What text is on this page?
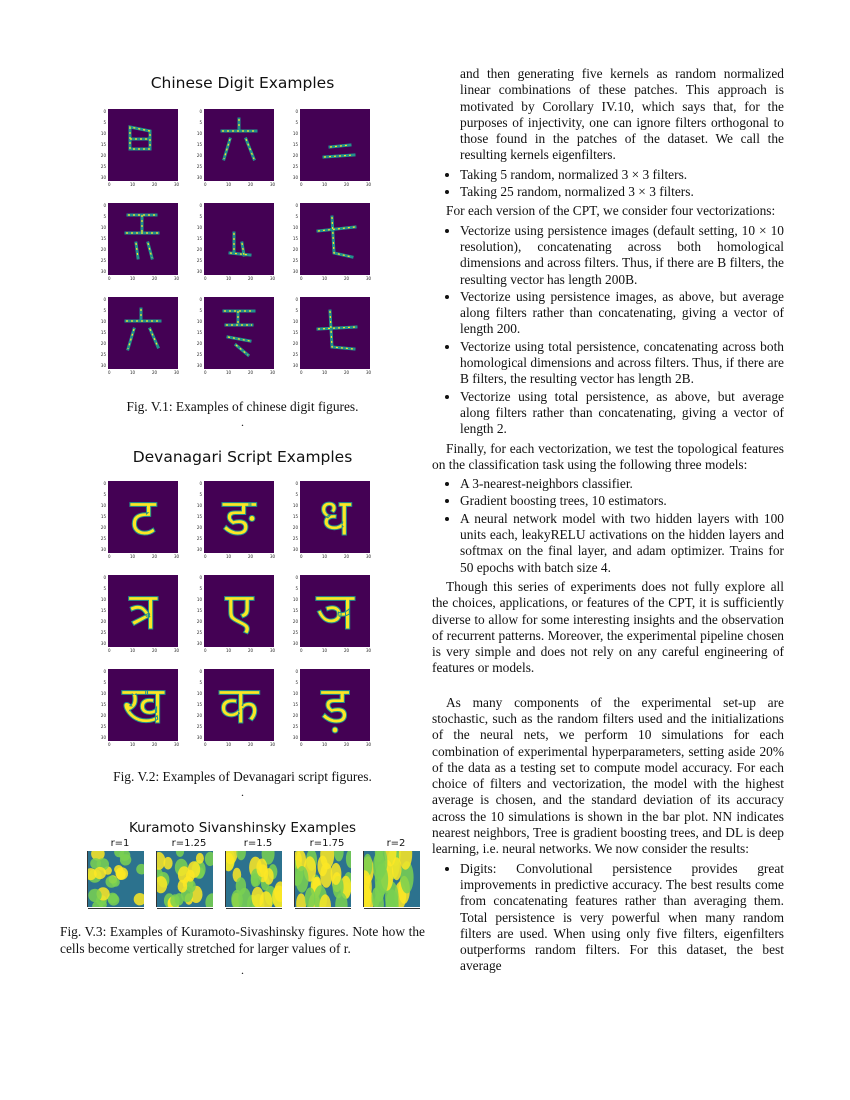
Chinese Digit Examples
0
5
10
15
20
25
30
0	10	20	30
0
5
10
15
20
25
30
0	10	20	30
0
5
10
15
20
25
30
0	10	20	30
0
5
10
15
20
25
30
0	10	20	30
0
5
10
15
20
25
30
0	10	20	30
0
5
10
15
20
25
30
0	10	20	30
0
5
10
15
20
25
30
0	10	20	30
0
5
10
15
20
25
30
0	10	20	30
0
5
10
15
20
25
30
0	10	20	30
Fig. V.1: Examples of chinese digit figures.
.
Devanagari Script Examples
ट
0
5
10
15
20
25
30
0	10	20	30
ङ
0
5
10
15
20
25
30
0	10	20	30
ध
0
5
10
15
20
25
30
0	10	20	30
त्र
0
5
10
15
20
25
30
0	10	20	30
ए
0
5
10
15
20
25
30
0	10	20	30
ञ
0
5
10
15
20
25
30
0	10	20	30
ख
0
5
10
15
20
25
30
0	10	20	30
क
0
5
10
15
20
25
30
0	10	20	30
ड़
0
5
10
15
20
25
30
0	10	20	30
Fig. V.2: Examples of Devanagari script figures.
.
Kuramoto Sivanshinsky Examples
r=1	r=1.25	r=1.5	r=1.75	r=2
Fig. V.3: Examples of Kuramoto-Sivashinsky figures. Note how the cells become vertically stretched for larger values of r.
.

and then generating five kernels as random normalized linear combinations of these patches. This approach is motivated by Corollary IV.10, which says that, for the purposes of injectivity, one can ignore filters orthogonal to those found in the patches of the dataset. We call the resulting kernels eigenfilters.

• Taking 5 random, normalized 3 × 3 filters.
• Taking 25 random, normalized 3 × 3 filters.

For each version of the CPT, we consider four vectorizations:

• Vectorize using persistence images (default setting, 10 × 10 resolution), concatenating across both homological dimensions and across filters. Thus, if there are B filters, the resulting vector has length 200B.
• Vectorize using persistence images, as above, but average along filters rather than concatenating, giving a vector of length 200.
• Vectorize using total persistence, concatenating across both homological dimensions and across filters. Thus, if there are B filters, the resulting vector has length 2B.
• Vectorize using total persistence, as above, but average along filters rather than concatenating, giving a vector of length 2.

Finally, for each vectorization, we test the topological features on the classification task using the following three models:

• A 3-nearest-neighbors classifier.
• Gradient boosting trees, 10 estimators.
• A neural network model with two hidden layers with 100 units each, leakyRELU activations on the hidden layers and softmax on the final layer, and adam optimizer. Trains for 50 epochs with batch size 4.

Though this series of experiments does not fully explore all the choices, applications, or features of the CPT, it is sufficiently diverse to allow for some interesting insights and the observation of recurrent patterns. Moreover, the experimental pipeline chosen is very simple and does not rely on any careful engineering of features or models.

As many components of the experimental set-up are stochastic, such as the random filters used and the initializations of the neural nets, we perform 10 simulations for each combination of experimental hyperparameters, setting aside 20% of the data as a testing set to compute model accuracy. For each choice of filters and vectorization, the model with the highest average is chosen, and the standard deviation of its accuracy across the 10 simulations is shown in the bar plot. NN indicates nearest neighbors, Tree is gradient boosting trees, and DL is deep learning, i.e. neural networks. We now consider the results:

• Digits: Convolutional persistence provides great improvements in predictive accuracy. The best results come from concatenating features rather than averaging them. Total persistence is very powerful when many random filters are used. When using only five filters, eigenfilters outperforms random filters. For this dataset, the best average
